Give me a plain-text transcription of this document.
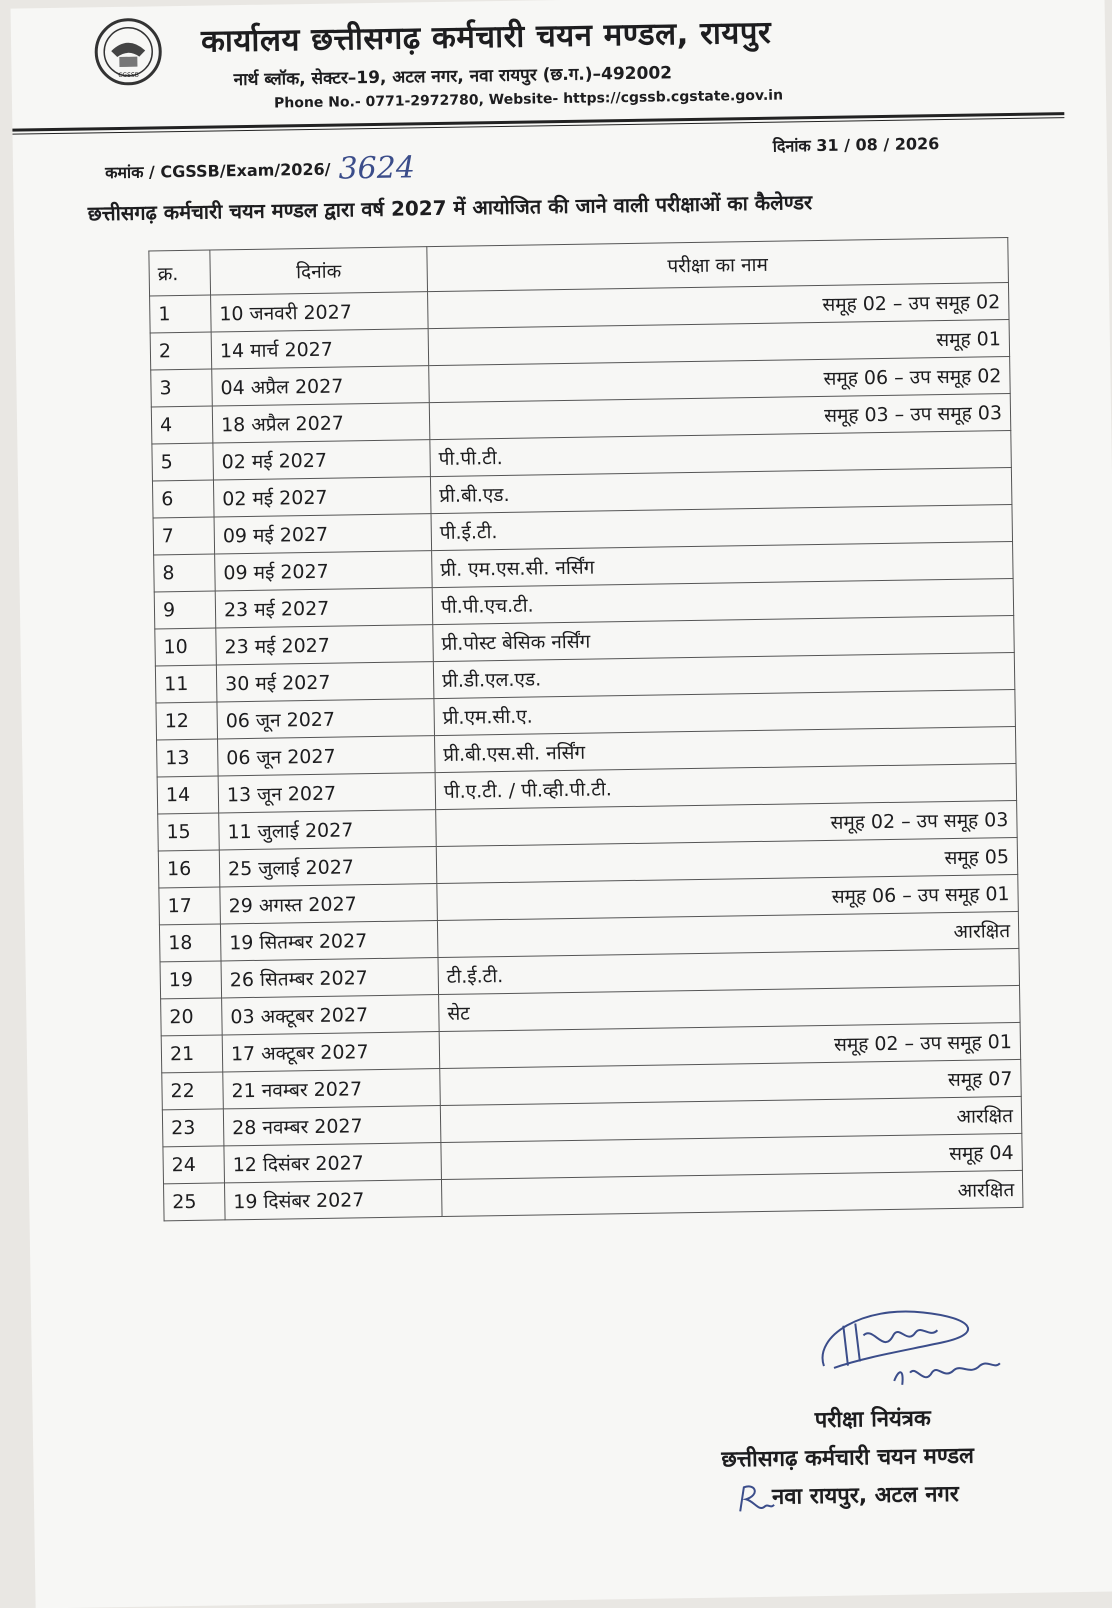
CGSSB
कार्यालय छत्तीसगढ़ कर्मचारी चयन मण्डल, रायपुर
नार्थ ब्लॉक, सेक्टर–19, अटल नगर, नवा रायपुर (छ.ग.)–492002
Phone No.- 0771-2972780, Website- https://cgssb.cgstate.gov.in
कमांक / CGSSB/Exam/2026/ 3624
दिनांक 31 / 08 / 2026
छत्तीसगढ़ कर्मचारी चयन मण्डल द्वारा वर्ष 2027 में आयोजित की जाने वाली परीक्षाओं का कैलेण्डर
क्र.	दिनांक	परीक्षा का नाम
1	10 जनवरी 2027	समूह 02 – उप समूह 02
2	14 मार्च 2027	समूह 01
3	04 अप्रैल 2027	समूह 06 – उप समूह 02
4	18 अप्रैल 2027	समूह 03 – उप समूह 03
5	02 मई 2027	पी.पी.टी.
6	02 मई 2027	प्री.बी.एड.
7	09 मई 2027	पी.ई.टी.
8	09 मई 2027	प्री. एम.एस.सी. नर्सिंग
9	23 मई 2027	पी.पी.एच.टी.
10	23 मई 2027	प्री.पोस्ट बेसिक नर्सिंग
11	30 मई 2027	प्री.डी.एल.एड.
12	06 जून 2027	प्री.एम.सी.ए.
13	06 जून 2027	प्री.बी.एस.सी. नर्सिंग
14	13 जून 2027	पी.ए.टी. / पी.व्ही.पी.टी.
15	11 जुलाई 2027	समूह 02 – उप समूह 03
16	25 जुलाई 2027	समूह 05
17	29 अगस्त 2027	समूह 06 – उप समूह 01
18	19 सितम्बर 2027	आरक्षित
19	26 सितम्बर 2027	टी.ई.टी.
20	03 अक्टूबर 2027	सेट
21	17 अक्टूबर 2027	समूह 02 – उप समूह 01
22	21 नवम्बर 2027	समूह 07
23	28 नवम्बर 2027	आरक्षित
24	12 दिसंबर 2027	समूह 04
25	19 दिसंबर 2027	आरक्षित
परीक्षा नियंत्रक
छत्तीसगढ़ कर्मचारी चयन मण्डल
नवा रायपुर, अटल नगर
